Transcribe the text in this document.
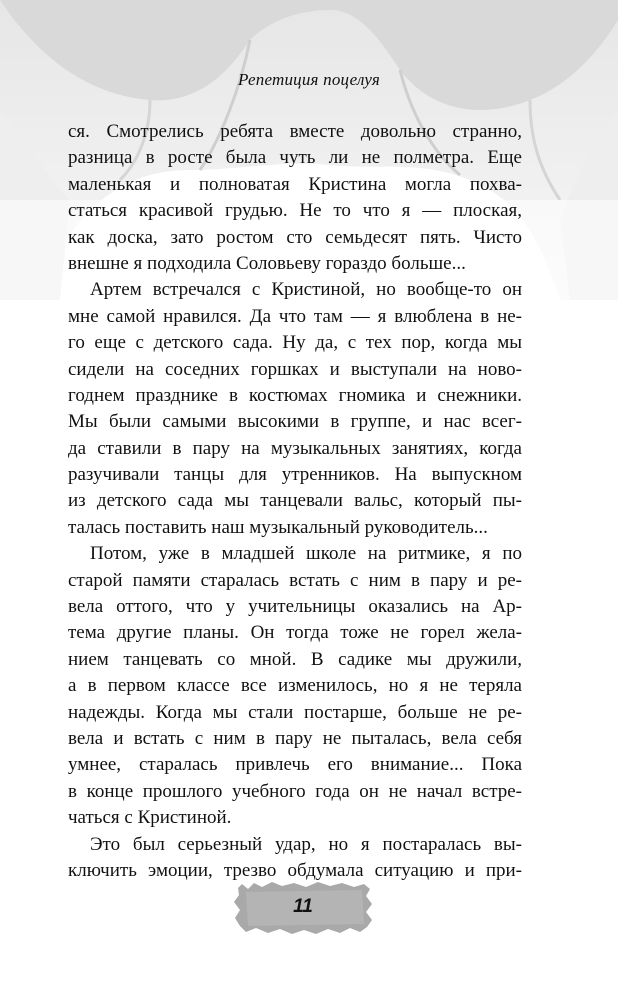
Репетиция поцелуя
ся. Смотрелись ребята вместе довольно странно,
разница в росте была чуть ли не полметра. Еще
маленькая и полноватая Кристина могла похва-
статься красивой грудью. Не то что я — плоская,
как доска, зато ростом сто семьдесят пять. Чисто
внешне я подходила Соловьеву гораздо больше...
Артем встречался с Кристиной, но вообще-то он
мне самой нравился. Да что там — я влюблена в не-
го еще с детского сада. Ну да, с тех пор, когда мы
сидели на соседних горшках и выступали на ново-
годнем празднике в костюмах гномика и снежники.
Мы были самыми высокими в группе, и нас всег-
да ставили в пару на музыкальных занятиях, когда
разучивали танцы для утренников. На выпускном
из детского сада мы танцевали вальс, который пы-
талась поставить наш музыкальный руководитель...
Потом, уже в младшей школе на ритмике, я по
старой памяти старалась встать с ним в пару и ре-
вела оттого, что у учительницы оказались на Ар-
тема другие планы. Он тогда тоже не горел жела-
нием танцевать со мной. В садике мы дружили,
а в первом классе все изменилось, но я не теряла
надежды. Когда мы стали постарше, больше не ре-
вела и встать с ним в пару не пыталась, вела себя
умнее, старалась привлечь его внимание... Пока
в конце прошлого учебного года он не начал встре-
чаться с Кристиной.
Это был серьезный удар, но я постаралась вы-
ключить эмоции, трезво обдумала ситуацию и при-
11
